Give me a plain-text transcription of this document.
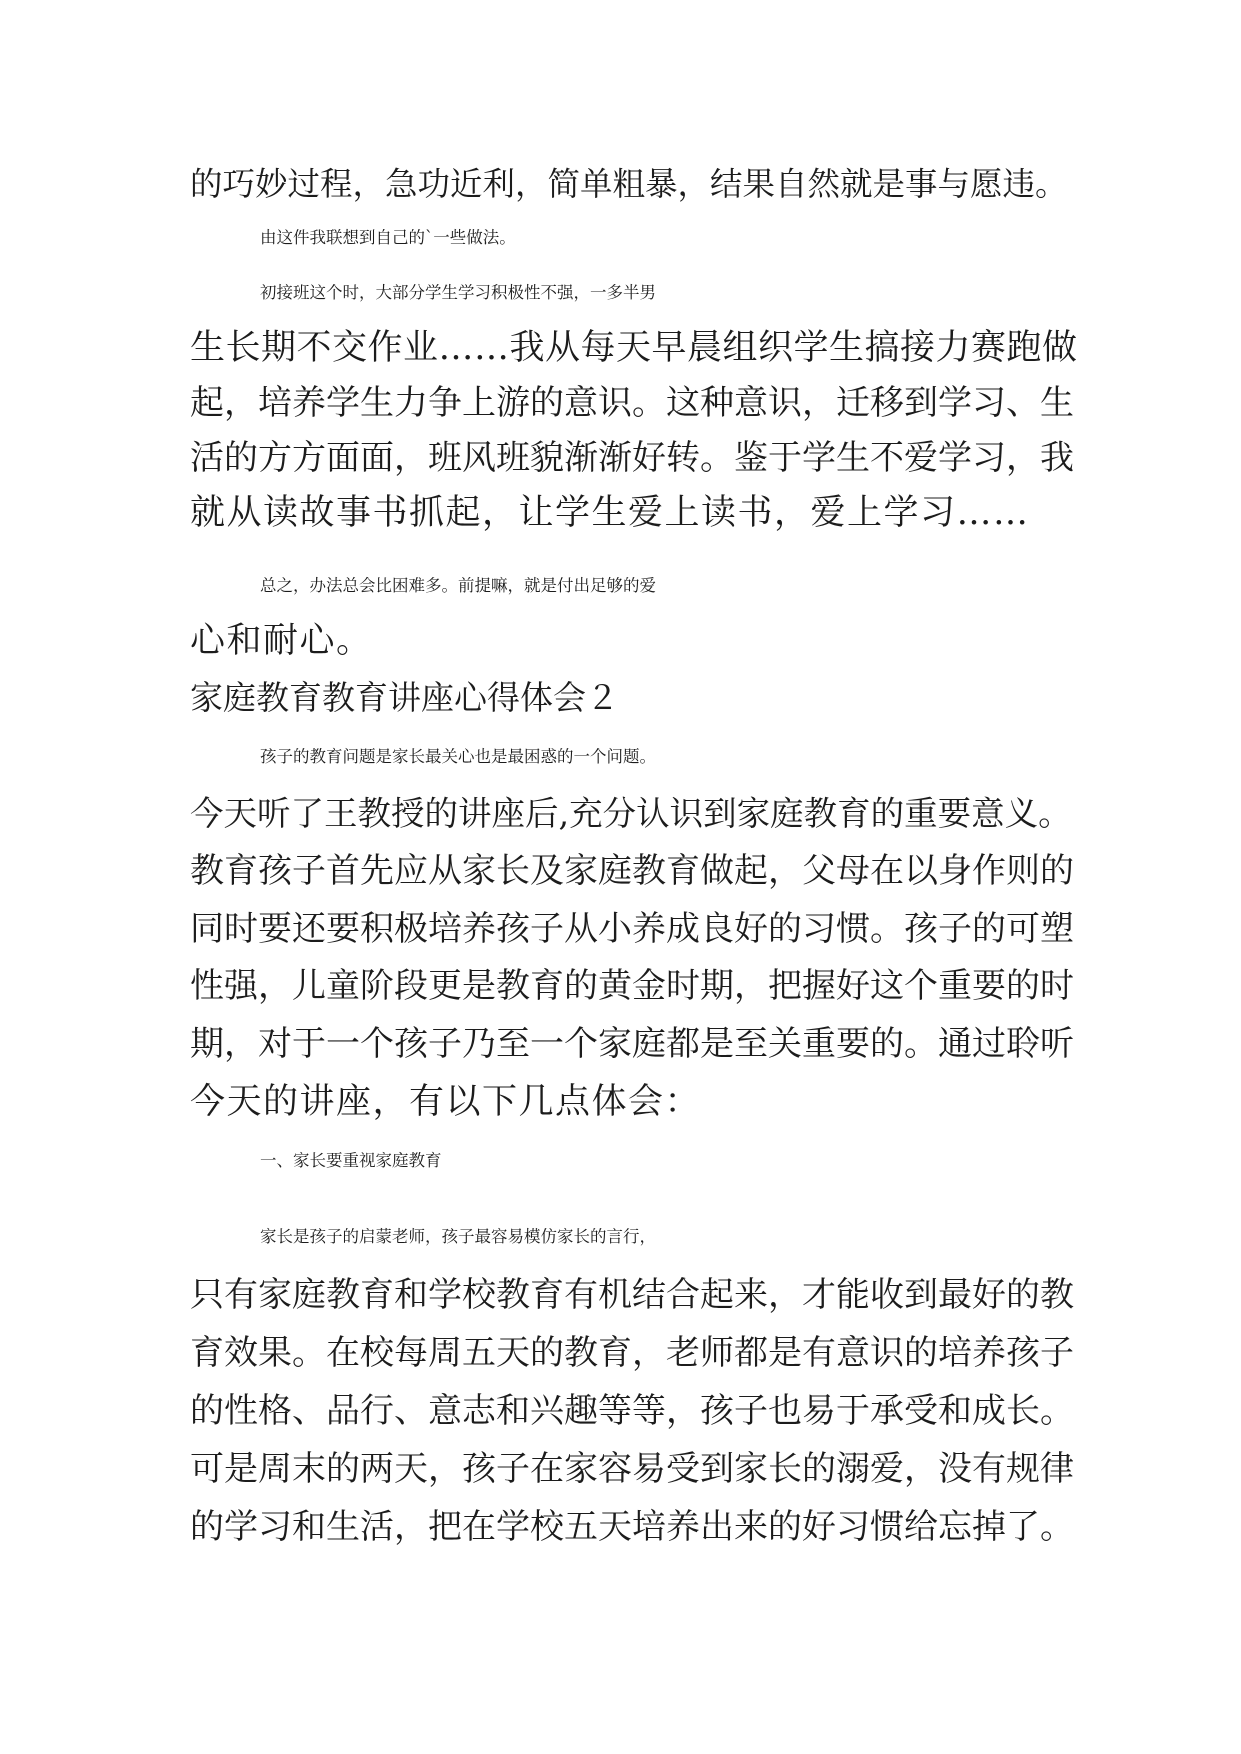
的巧妙过程，急功近利，简单粗暴，结果自然就是事与愿违。
由这件我联想到自己的`一些做法。
初接班这个时，大部分学生学习积极性不强，一多半男
生长期不交作业……我从每天早晨组织学生搞接力赛跑做
起，培养学生力争上游的意识。这种意识，迁移到学习、生
活的方方面面，班风班貌渐渐好转。鉴于学生不爱学习，我
就从读故事书抓起，让学生爱上读书，爱上学习……
总之，办法总会比困难多。前提嘛，就是付出足够的爱
心和耐心。
家庭教育教育讲座心得体会２
孩子的教育问题是家长最关心也是最困惑的一个问题。
今天听了王教授的讲座后,充分认识到家庭教育的重要意义。
教育孩子首先应从家长及家庭教育做起，父母在以身作则的
同时要还要积极培养孩子从小养成良好的习惯。孩子的可塑
性强，儿童阶段更是教育的黄金时期，把握好这个重要的时
期，对于一个孩子乃至一个家庭都是至关重要的。通过聆听
今天的讲座，有以下几点体会：
一、家长要重视家庭教育
家长是孩子的启蒙老师，孩子最容易模仿家长的言行，
只有家庭教育和学校教育有机结合起来，才能收到最好的教
育效果。在校每周五天的教育，老师都是有意识的培养孩子
的性格、品行、意志和兴趣等等，孩子也易于承受和成长。
可是周末的两天，孩子在家容易受到家长的溺爱，没有规律
的学习和生活，把在学校五天培养出来的好习惯给忘掉了。
